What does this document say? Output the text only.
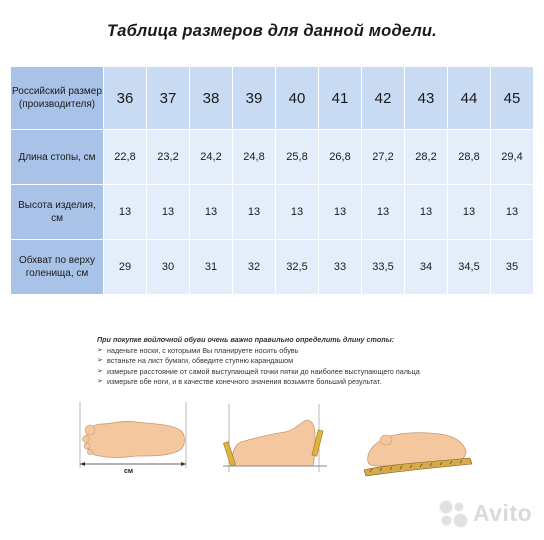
Таблица размеров для данной модели.
Российский размер (производителя)	36	37	38	39	40	41	42	43	44	45
Длина стопы, см	22,8	23,2	24,2	24,8	25,8	26,8	27,2	28,2	28,8	29,4
Высота изделия, см	13	13	13	13	13	13	13	13	13	13
Обхват по верху голенища, см	29	30	31	32	32,5	33	33,5	34	34,5	35
При покупке войлочной обуви очень важно правильно определить длину стопы:
➢ наденьте носки, с которыми Вы планируете носить обувь
➢ встаньте на лист бумаги, обведите ступню карандашом
➢ измерьте расстояние от самой выступающей точки пятки до наиболее выступающего пальца
➢ измерьте обе ноги, и в качестве конечного значения возьмите больший результат.
см
Avito
